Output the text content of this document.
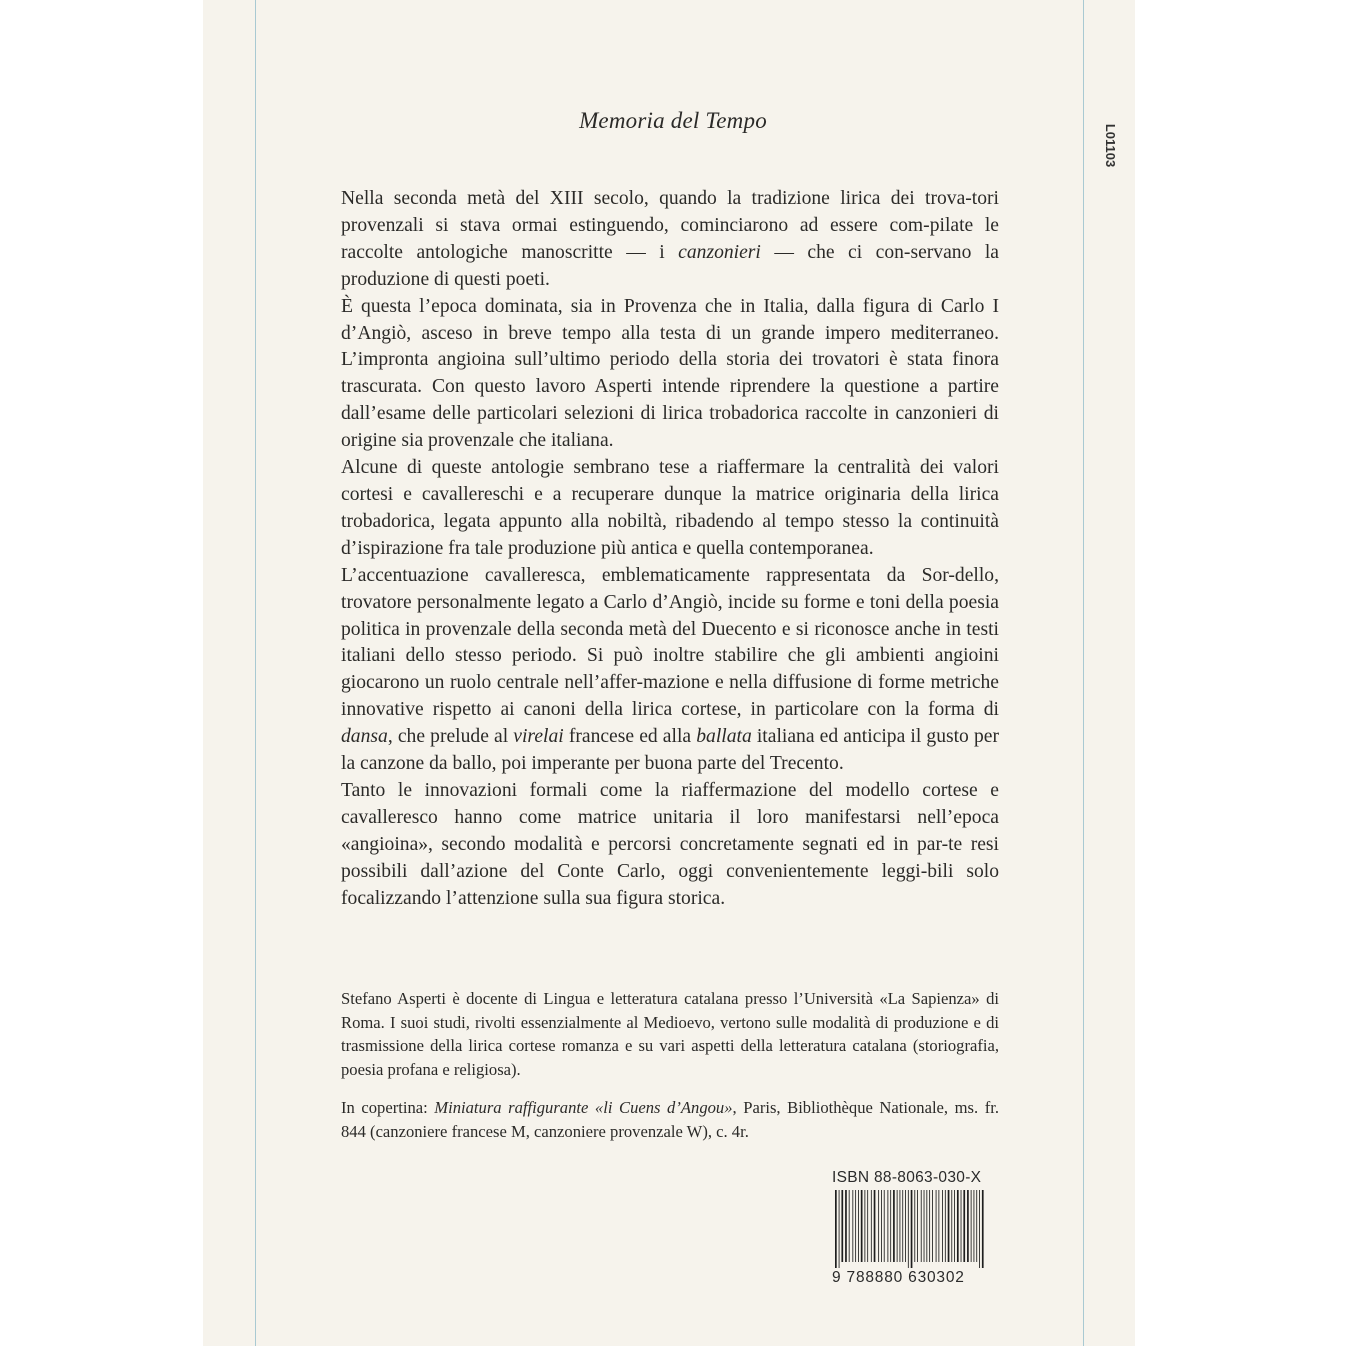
Memoria del Tempo
L01103

Nella seconda metà del XIII secolo, quando la tradizione lirica dei trova-tori provenzali si stava ormai estinguendo, cominciarono ad essere com-pilate le raccolte antologiche manoscritte — i canzonieri — che ci con-servano la produzione di questi poeti.

È questa l’epoca dominata, sia in Provenza che in Italia, dalla figura di Carlo I d’Angiò, asceso in breve tempo alla testa di un grande impero mediterraneo. L’impronta angioina sull’ultimo periodo della storia dei trovatori è stata finora trascurata. Con questo lavoro Asperti intende riprendere la questione a partire dall’esame delle particolari selezioni di lirica trobadorica raccolte in canzonieri di origine sia provenzale che italiana.

Alcune di queste antologie sembrano tese a riaffermare la centralità dei valori cortesi e cavallereschi e a recuperare dunque la matrice originaria della lirica trobadorica, legata appunto alla nobiltà, ribadendo al tempo stesso la continuità d’ispirazione fra tale produzione più antica e quella contemporanea.

L’accentuazione cavalleresca, emblematicamente rappresentata da Sor-dello, trovatore personalmente legato a Carlo d’Angiò, incide su forme e toni della poesia politica in provenzale della seconda metà del Duecento e si riconosce anche in testi italiani dello stesso periodo. Si può inoltre stabilire che gli ambienti angioini giocarono un ruolo centrale nell’affer-mazione e nella diffusione di forme metriche innovative rispetto ai canoni della lirica cortese, in particolare con la forma di dansa, che prelude al virelai francese ed alla ballata italiana ed anticipa il gusto per la canzone da ballo, poi imperante per buona parte del Trecento.

Tanto le innovazioni formali come la riaffermazione del modello cortese e cavalleresco hanno come matrice unitaria il loro manifestarsi nell’epoca «angioina», secondo modalità e percorsi concretamente segnati ed in par-te resi possibili dall’azione del Conte Carlo, oggi convenientemente leggi-bili solo focalizzando l’attenzione sulla sua figura storica.

Stefano Asperti è docente di Lingua e letteratura catalana presso l’Università «La Sapienza» di Roma. I suoi studi, rivolti essenzialmente al Medioevo, vertono sulle modalità di produzione e di trasmissione della lirica cortese romanza e su vari aspetti della letteratura catalana (storiografia, poesia profana e religiosa).

In copertina: Miniatura raffigurante «li Cuens d’Angou», Paris, Bibliothèque Nationale, ms. fr. 844 (canzoniere francese M, canzoniere provenzale W), c. 4r.

ISBN 88-8063-030-X
9 788880 630302
